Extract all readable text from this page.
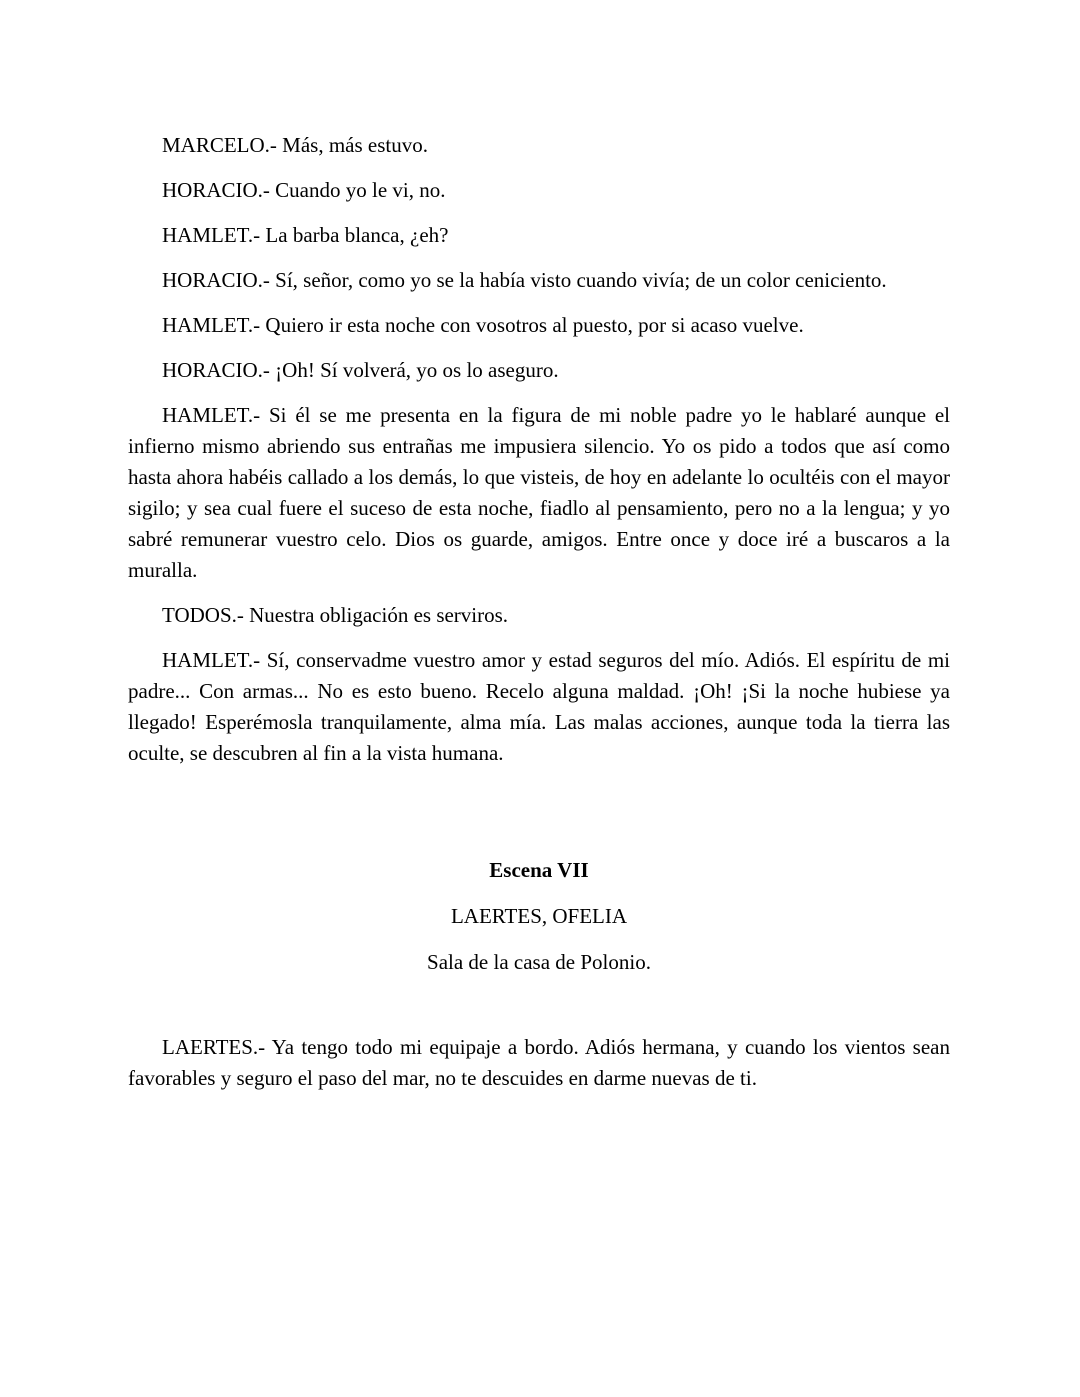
MARCELO.- Más, más estuvo.

HORACIO.- Cuando yo le vi, no.

HAMLET.- La barba blanca, ¿eh?

HORACIO.- Sí, señor, como yo se la había visto cuando vivía; de un color ceniciento.

HAMLET.- Quiero ir esta noche con vosotros al puesto, por si acaso vuelve.

HORACIO.- ¡Oh! Sí volverá, yo os lo aseguro.

HAMLET.- Si él se me presenta en la figura de mi noble padre yo le hablaré aunque el infierno mismo abriendo sus entrañas me impusiera silencio. Yo os pido a todos que así como hasta ahora habéis callado a los demás, lo que visteis, de hoy en adelante lo ocultéis con el mayor sigilo; y sea cual fuere el suceso de esta noche, fiadlo al pensamiento, pero no a la lengua; y yo sabré remunerar vuestro celo. Dios os guarde, amigos. Entre once y doce iré a buscaros a la muralla.

TODOS.- Nuestra obligación es serviros.

HAMLET.- Sí, conservadme vuestro amor y estad seguros del mío. Adiós. El espíritu de mi padre... Con armas... No es esto bueno. Recelo alguna maldad. ¡Oh! ¡Si la noche hubiese ya llegado! Esperémosla tranquilamente, alma mía. Las malas acciones, aunque toda la tierra las oculte, se descubren al fin a la vista humana.

Escena VII

LAERTES, OFELIA

Sala de la casa de Polonio.

LAERTES.- Ya tengo todo mi equipaje a bordo. Adiós hermana, y cuando los vientos sean favorables y seguro el paso del mar, no te descuides en darme nuevas de ti.
